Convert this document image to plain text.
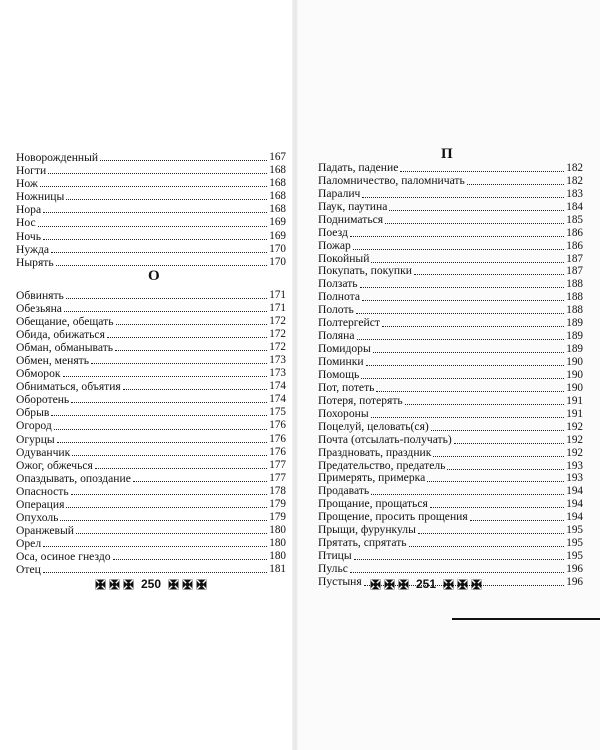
Новорожденный	167
Ногти	168
Нож	168
Ножницы	168
Нора	168
Нос	169
Ночь	169
Нужда	170
Нырять	170
О
Обвинять	171
Обезьяна	171
Обещание, обещать	172
Обида, обижаться	172
Обман, обманывать	172
Обмен, менять	173
Обморок	173
Обниматься, объятия	174
Оборотень	174
Обрыв	175
Огород	176
Огурцы	176
Одуванчик	176
Ожог, обжечься	177
Опаздывать, опоздание	177
Опасность	178
Операция	179
Опухоль	179
Оранжевый	180
Орел	180
Оса, осиное гнездо	180
Отец	181
250
П
Падать, падение	182
Паломничество, паломничать	182
Паралич	183
Паук, паутина	184
Подниматься	185
Поезд	186
Пожар	186
Покойный	187
Покупать, покупки	187
Ползать	188
Полнота	188
Полоть	188
Полтергейст	189
Поляна	189
Помидоры	189
Поминки	190
Помощь	190
Пот, потеть	190
Потеря, потерять	191
Похороны	191
Поцелуй, целовать(ся)	192
Почта (отсылать-получать)	192
Праздновать, праздник	192
Предательство, предатель	193
Примерять, примерка	193
Продавать	194
Прощание, прощаться	194
Прощение, просить прощения	194
Прыщи, фурункулы	195
Прятать, спрятать	195
Птицы	195
Пульс	196
Пустыня	196
251
